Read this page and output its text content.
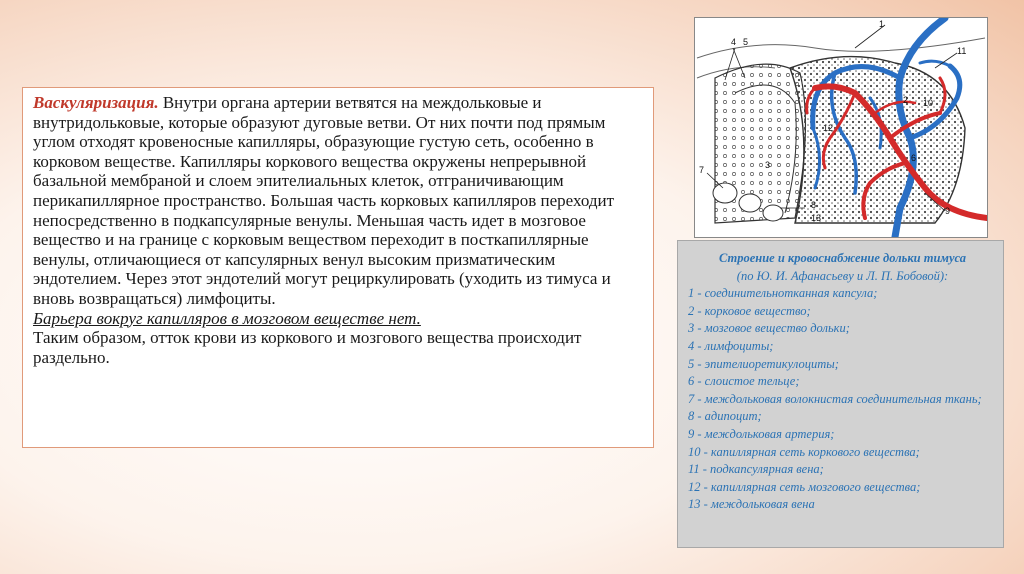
Васкуляризация. Внутри органа артерии ветвятся на междольковые и внутридольковые, которые образуют дуговые ветви. От них почти под прямым углом отходят кровеносные капилляры, образующие густую сеть, особенно в корковом веществе. Капилляры коркового вещества окружены непрерывной базальной мембраной и слоем эпителиальных клеток, отграничивающим перикапиллярное пространство. Большая часть корковых капилляров переходит непосредственно в подкапсулярные венулы. Меньшая часть идет в мозговое вещество и на границе с корковым веществом переходит в посткапиллярные венулы, отличающиеся от капсулярных венул высоким призматическим эндотелием. Через этот эндотелий могут рециркулировать (уходить из тимуса и вновь возвращаться) лимфоциты.

Барьера вокруг капилляров в мозговом веществе нет.

Таким образом, отток крови из коркового и мозгового вещества происходит раздельно.

1
2
3
4 5
6
7
8
9
10
11
12
13
Строение и кровоснабжение дольки тимуса
(по Ю. И. Афанасьеву и Л. П. Бобовой):
1 - соединительнотканная капсула;
2 - корковое вещество;
3 - мозговое вещество дольки;
4 - лимфоциты;
5 - эпителиоретикулоциты;
6 - слоистое тельце;
7 - междольковая волокнистая соединительная ткань;
8 - адипоцит;
9 - междольковая артерия;
10 - капиллярная сеть коркового вещества;
11 - подкапсулярная вена;
12 - капиллярная сеть мозгового вещества;
13 - междольковая вена
